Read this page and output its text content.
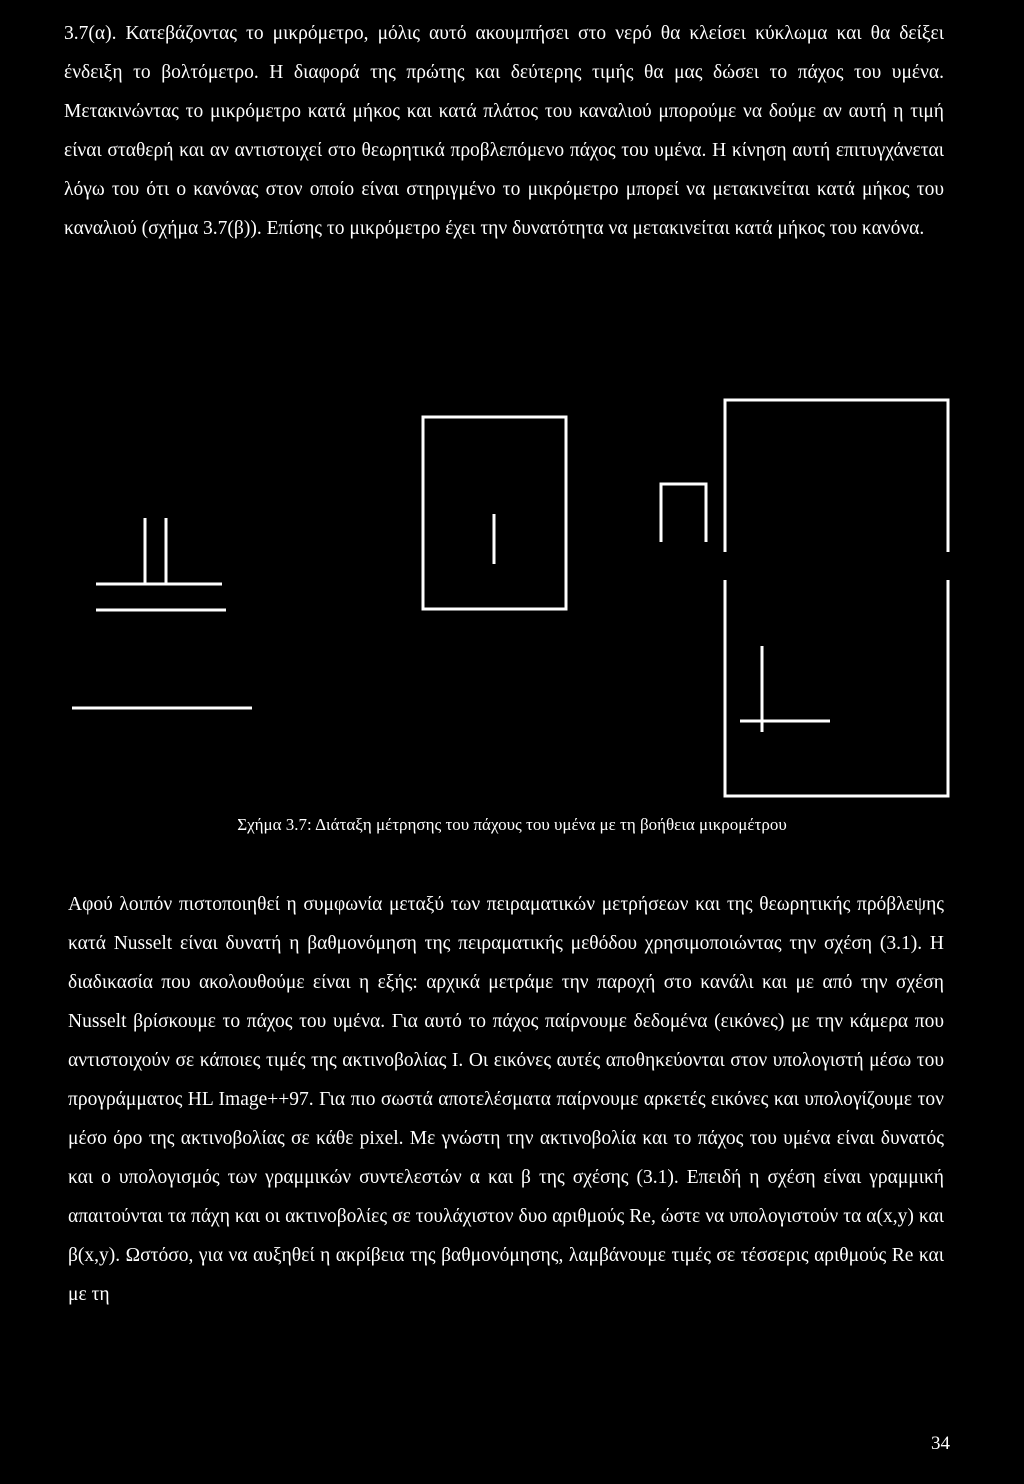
3.7(α). Κατεβάζοντας το μικρόμετρο, μόλις αυτό ακουμπήσει στο νερό θα κλείσει κύκλωμα και θα δείξει ένδειξη το βολτόμετρο. Η διαφορά της πρώτης και δεύτερης τιμής θα μας δώσει το πάχος του υμένα. Μετακινώντας το μικρόμετρο κατά μήκος και κατά πλάτος του καναλιού μπορούμε να δούμε αν αυτή η τιμή είναι σταθερή και αν αντιστοιχεί στο θεωρητικά προβλεπόμενο πάχος του υμένα. Η κίνηση αυτή επιτυγχάνεται λόγω του ότι ο κανόνας στον οποίο είναι στηριγμένο το μικρόμετρο μπορεί να μετακινείται κατά μήκος του καναλιού (σχήμα 3.7(β)). Επίσης το μικρόμετρο έχει την δυνατότητα να μετακινείται κατά μήκος του κανόνα.

Σχήμα 3.7: Διάταξη μέτρησης του πάχους του υμένα με τη βοήθεια μικρομέτρου

Αφού λοιπόν πιστοποιηθεί η συμφωνία μεταξύ των πειραματικών μετρήσεων και της θεωρητικής πρόβλεψης κατά Nusselt είναι δυνατή η βαθμονόμηση της πειραματικής μεθόδου χρησιμοποιώντας την σχέση (3.1). Η διαδικασία που ακολουθούμε είναι η εξής: αρχικά μετράμε την παροχή στο κανάλι και με από την σχέση Nusselt βρίσκουμε το πάχος του υμένα. Για αυτό το πάχος παίρνουμε δεδομένα (εικόνες) με την κάμερα που αντιστοιχούν σε κάποιες τιμές της ακτινοβολίας I. Οι εικόνες αυτές αποθηκεύονται στον υπολογιστή μέσω του προγράμματος HL Image++97. Για πιο σωστά αποτελέσματα παίρνουμε αρκετές εικόνες και υπολογίζουμε τον μέσο όρο της ακτινοβολίας σε κάθε pixel. Με γνώστη την ακτινοβολία και το πάχος του υμένα είναι δυνατός και ο υπολογισμός των γραμμικών συντελεστών α και β της σχέσης (3.1). Επειδή η σχέση είναι γραμμική απαιτούνται τα πάχη και οι ακτινοβολίες σε τουλάχιστον δυο αριθμούς Re, ώστε να υπολογιστούν τα α(x,y) και β(x,y). Ωστόσο, για να αυξηθεί η ακρίβεια της βαθμονόμησης, λαμβάνουμε τιμές σε τέσσερις αριθμούς Re και με τη

34
